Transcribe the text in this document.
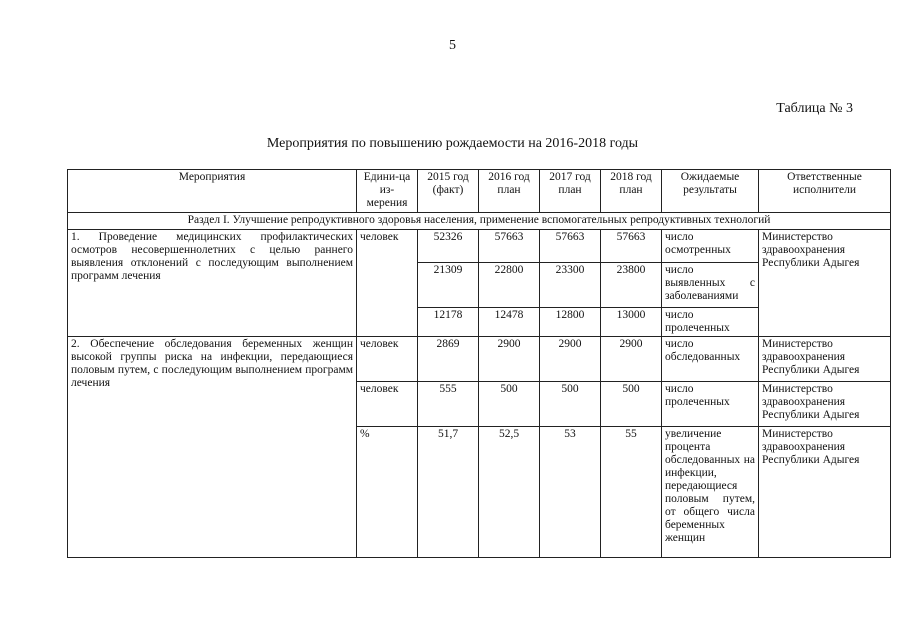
5
Таблица № 3
Мероприятия по повышению рождаемости на 2016-2018 годы
Мероприятия	Едини-ца из-мерения	2015 год (факт)	2016 год план	2017 год план	2018 год план	Ожидаемые результаты	Ответственные исполнители
Раздел I. Улучшение репродуктивного здоровья населения, применение вспомогательных репродуктивных технологий							
1. Проведение медицинских профилактических осмотров несовершеннолетних с целью раннего выявления отклонений с последующим выполнением программ лечения	человек	52326	57663	57663	57663	число осмотренных	Министерство здравоохранения Республики Адыгея
		21309	22800	23300	23800	число выявленных с заболеваниями	
		12178	12478	12800	13000	число пролеченных	
2. Обеспечение обследования беременных женщин высокой группы риска на инфекции, передающиеся половым путем, с последующим выполнением программ лечения	человек	2869	2900	2900	2900	число обследованных	Министерство здравоохранения Республики Адыгея
	человек	555	500	500	500	число пролеченных	Министерство здравоохранения Республики Адыгея
	%	51,7	52,5	53	55	увеличение процента обследованных на инфекции, передающиеся половым путем, от общего числа беременных женщин	Министерство здравоохранения Республики Адыгея
